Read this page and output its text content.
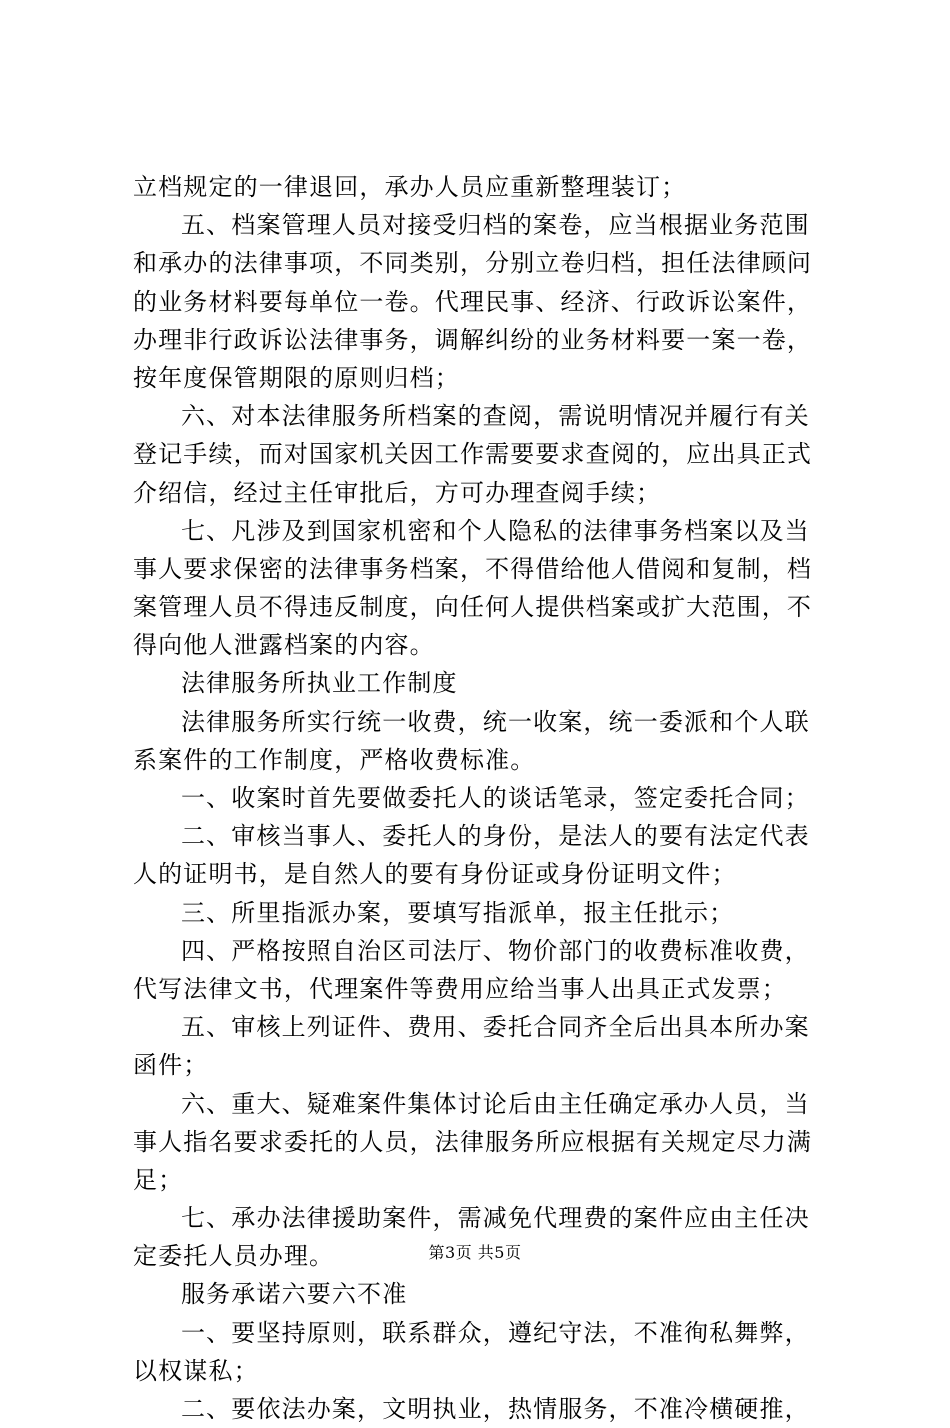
立档规定的一律退回，承办人员应重新整理装订；
五、档案管理人员对接受归档的案卷，应当根据业务范围
和承办的法律事项，不同类别，分别立卷归档，担任法律顾问
的业务材料要每单位一卷。代理民事、经济、行政诉讼案件，
办理非行政诉讼法律事务，调解纠纷的业务材料要一案一卷，
按年度保管期限的原则归档；
六、对本法律服务所档案的查阅，需说明情况并履行有关
登记手续，而对国家机关因工作需要要求查阅的，应出具正式
介绍信，经过主任审批后，方可办理查阅手续；
七、凡涉及到国家机密和个人隐私的法律事务档案以及当
事人要求保密的法律事务档案，不得借给他人借阅和复制，档
案管理人员不得违反制度，向任何人提供档案或扩大范围，不
得向他人泄露档案的内容。
法律服务所执业工作制度
法律服务所实行统一收费，统一收案，统一委派和个人联
系案件的工作制度，严格收费标准。
一、收案时首先要做委托人的谈话笔录，签定委托合同；
二、审核当事人、委托人的身份，是法人的要有法定代表
人的证明书，是自然人的要有身份证或身份证明文件；
三、所里指派办案，要填写指派单，报主任批示；
四、严格按照自治区司法厅、物价部门的收费标准收费，
代写法律文书，代理案件等费用应给当事人出具正式发票；
五、审核上列证件、费用、委托合同齐全后出具本所办案
函件；
六、重大、疑难案件集体讨论后由主任确定承办人员，当
事人指名要求委托的人员，法律服务所应根据有关规定尽力满
足；
七、承办法律援助案件，需减免代理费的案件应由主任决
定委托人员办理。
服务承诺六要六不准
一、要坚持原则，联系群众，遵纪守法，不准徇私舞弊，
以权谋私；
二、要依法办案，文明执业，热情服务，不准冷横硬推，
第3页 共5页
